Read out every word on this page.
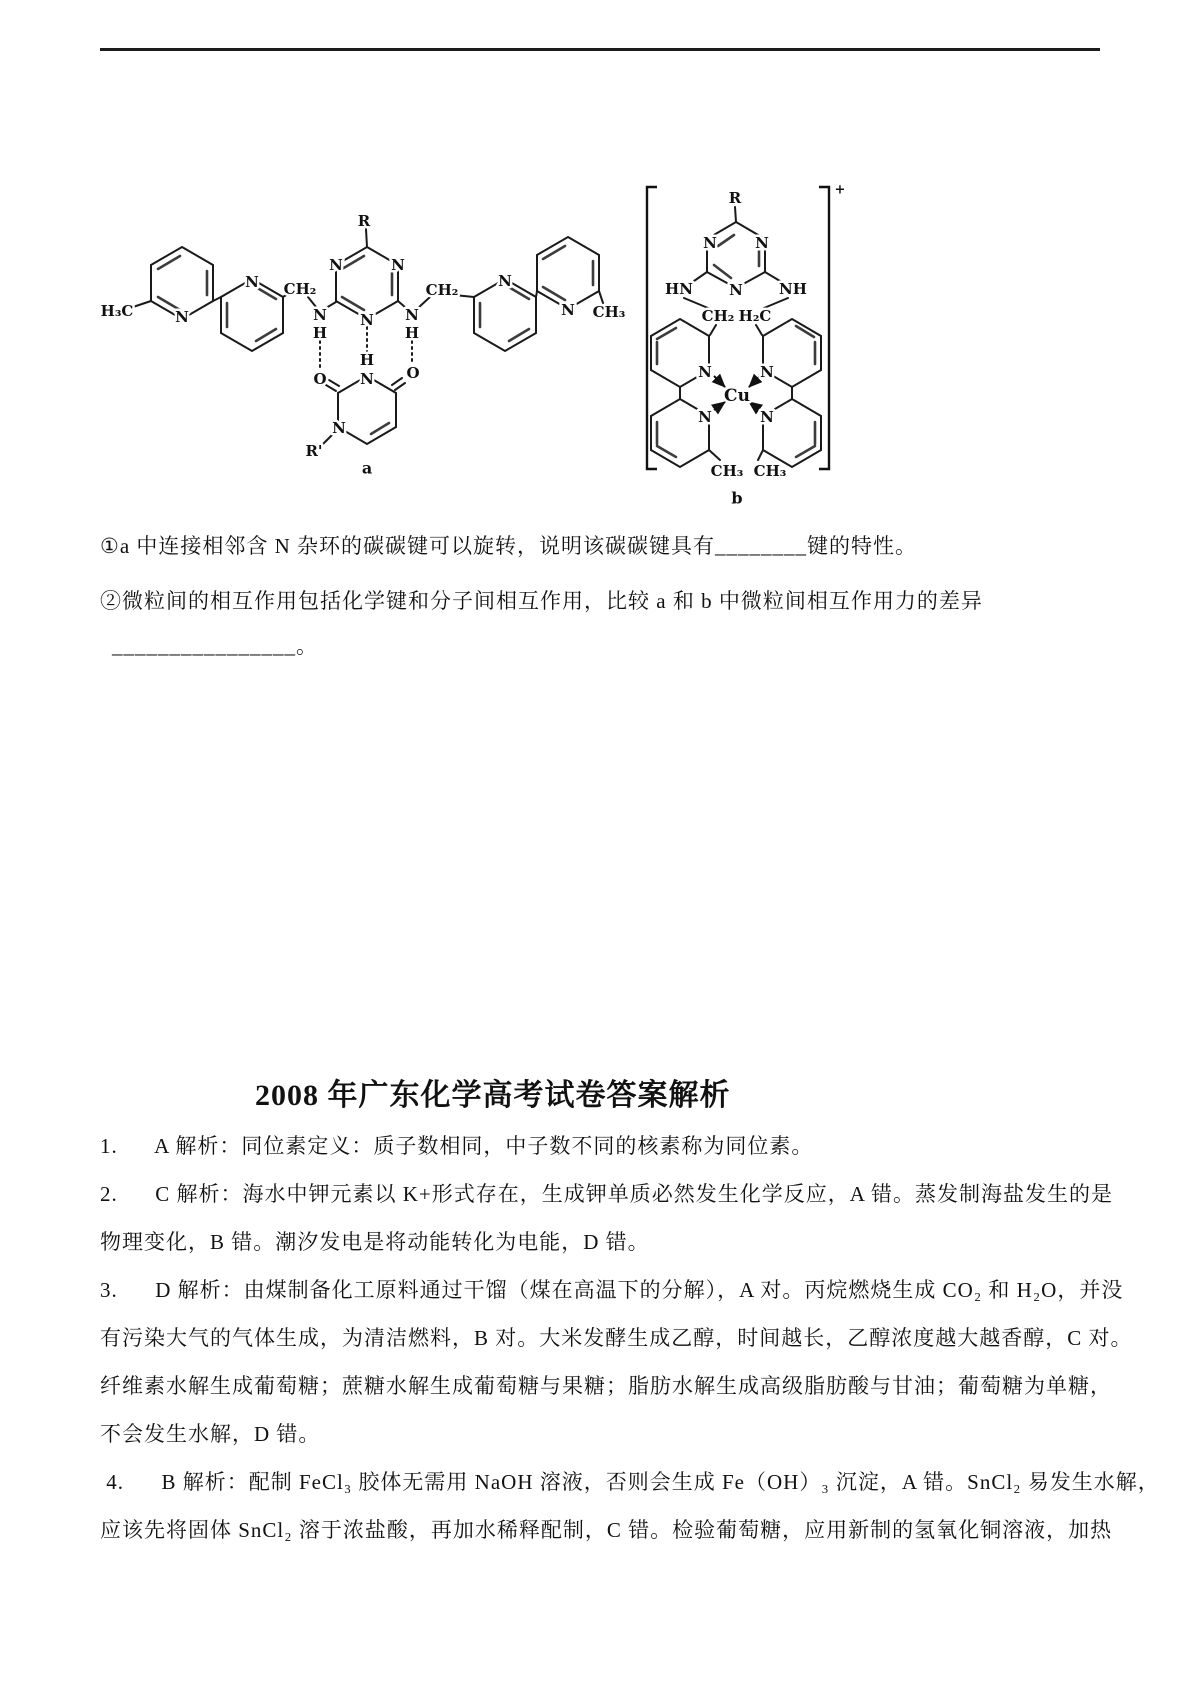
H₃C	N
N CH₂
N
H
R
N	N
N N
H
CH₂	N
N CH₃
O
H
N O
N
R'
a
+
R
N	N
N
HN	NH
CH₂ H₂C
N	N
N	N
Cu
CH₃ CH₃
b
①a 中连接相邻含 N 杂环的碳碳键可以旋转，说明该碳碳键具有________键的特性。
②微粒间的相互作用包括化学键和分子间相互作用，比较 a 和 b 中微粒间相互作用力的差异
________________。
2008 年广东化学高考试卷答案解析
1.      A 解析：同位素定义：质子数相同，中子数不同的核素称为同位素。
2.      C 解析：海水中钾元素以 K+形式存在，生成钾单质必然发生化学反应，A 错。蒸发制海盐发生的是
物理变化，B 错。潮汐发电是将动能转化为电能，D 错。
3.      D 解析：由煤制备化工原料通过干馏（煤在高温下的分解），A 对。丙烷燃烧生成 CO₂ 和 H₂O，并没
有污染大气的气体生成，为清洁燃料，B 对。大米发酵生成乙醇，时间越长，乙醇浓度越大越香醇，C 对。
纤维素水解生成葡萄糖；蔗糖水解生成葡萄糖与果糖；脂肪水解生成高级脂肪酸与甘油；葡萄糖为单糖，
不会发生水解，D 错。
4.      B 解析：配制 FeCl₃ 胶体无需用 NaOH 溶液，否则会生成 Fe（OH）₃ 沉淀，A 错。SnCl₂ 易发生水解，
应该先将固体 SnCl₂ 溶于浓盐酸，再加水稀释配制，C 错。检验葡萄糖，应用新制的氢氧化铜溶液，加热
